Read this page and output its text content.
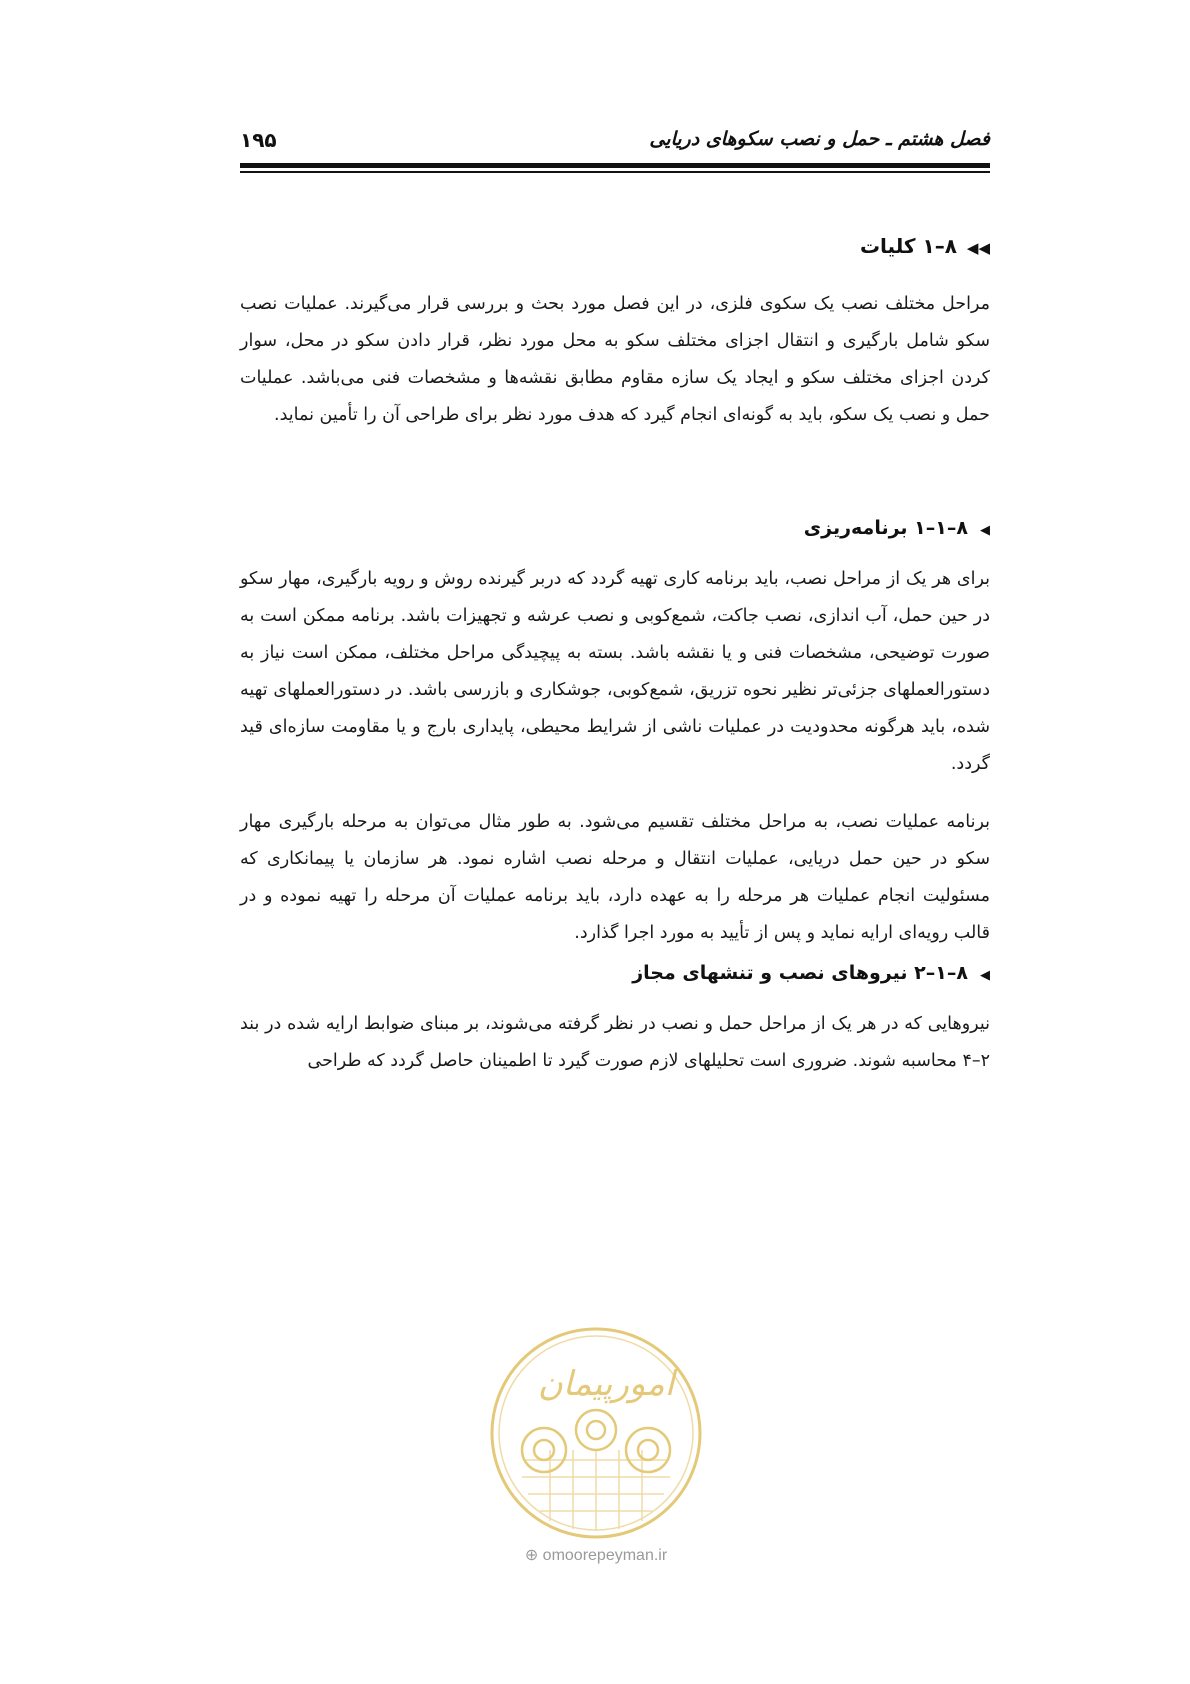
فصل هشتم ـ حمل و نصب سکوهای دریایی
۱۹۵
◀◀۸–۱ کلیات

مراحل مختلف نصب یک سکوی فلزی، در این فصل مورد بحث و بررسی قرار می‌گیرند. عملیات نصب سکو شامل بارگیری و انتقال اجزای مختلف سکو به محل مورد نظر، قرار دادن سکو در محل، سوار کردن اجزای مختلف سکو و ایجاد یک سازه مقاوم مطابق نقشه‌ها و مشخصات فنی می‌باشد. عملیات حمل و نصب یک سکو، باید به گونه‌ای انجام گیرد که هدف مورد نظر برای طراحی آن را تأمین نماید.

◀۸–۱–۱ برنامه‌ریزی

برای هر یک از مراحل نصب، باید برنامه کاری تهیه گردد که دربر گیرنده روش و رویه بارگیری، مهار سکو در حین حمل، آب اندازی، نصب جاکت، شمع‌کوبی و نصب عرشه و تجهیزات باشد. برنامه ممکن است به صورت توضیحی، مشخصات فنی و یا نقشه باشد. بسته به پیچیدگی مراحل مختلف، ممکن است نیاز به دستورالعملهای جزئی‌تر نظیر نحوه تزریق، شمع‌کوبی، جوشکاری و بازرسی باشد. در دستورالعملهای تهیه شده، باید هرگونه محدودیت در عملیات ناشی از شرایط محیطی، پایداری بارج و یا مقاومت سازه‌ای قید گردد.

برنامه عملیات نصب، به مراحل مختلف تقسیم می‌شود. به طور مثال می‌توان به مرحله بارگیری مهار سکو در حین حمل دریایی، عملیات انتقال و مرحله نصب اشاره نمود. هر سازمان یا پیمانکاری که مسئولیت انجام عملیات هر مرحله را به عهده دارد، باید برنامه عملیات آن مرحله را تهیه نموده و در قالب رویه‌ای ارایه نماید و پس از تأیید به مورد اجرا گذارد.

◀۸–۱–۲ نیروهای نصب و تنشهای مجاز

نیروهایی که در هر یک از مراحل حمل و نصب در نظر گرفته می‌شوند، بر مبنای ضوابط ارایه شده در بند ۲–۴ محاسبه شوند. ضروری است تحلیلهای لازم صورت گیرد تا اطمینان حاصل گردد که طراحی

امورپیمان
⊕ omoorepeyman.ir
